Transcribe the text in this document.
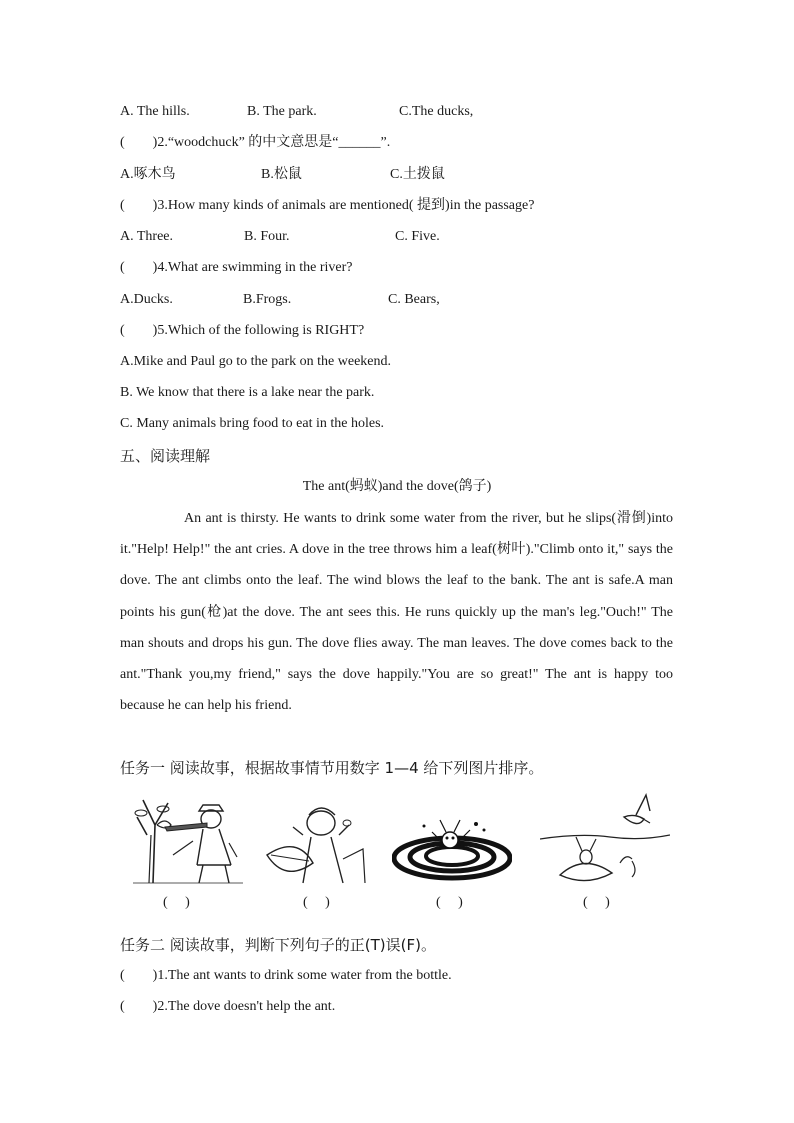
A. The hills.	B. The park.	C.The ducks,
(        )2.“woodchuck” 的中文意思是“______”.
A.啄木鸟	B.松鼠	C.土拨鼠
(        )3.How many kinds of animals are mentioned( 提到)in the passage?
A. Three.	B. Four.	C. Five.
(        )4.What are swimming in the river?
A.Ducks.	B.Frogs.	C. Bears,
(        )5.Which of the following is RIGHT?
A.Mike and Paul go to the park on the weekend.
B. We know that there is a lake near the park.
C. Many animals bring food to eat in the holes.
五、阅读理解
The ant(蚂蚁)and the dove(鸽子)
An ant is thirsty. He wants to drink some water from the river, but he slips(滑倒)into it."Help! Help!" the ant cries. A dove in the tree throws him a leaf(树叶)."Climb onto it," says the dove. The ant climbs onto the leaf. The wind blows the leaf to the bank. The ant is safe.A man points his gun(枪)at the dove. The ant sees this. He runs quickly up the man's leg."Ouch!" The man shouts and drops his gun. The dove flies away. The man leaves. The dove comes back to the ant."Thank you,my friend," says the dove happily."You are so great!" The ant is happy too because he can help his friend.
任务一 阅读故事，根据故事情节用数字 1—4 给下列图片排序。
(     )	(     )	(     )	(     )
任务二 阅读故事，判断下列句子的正(T)误(F)。
(        )1.The ant wants to drink some water from the bottle.
(        )2.The dove doesn't help the ant.
